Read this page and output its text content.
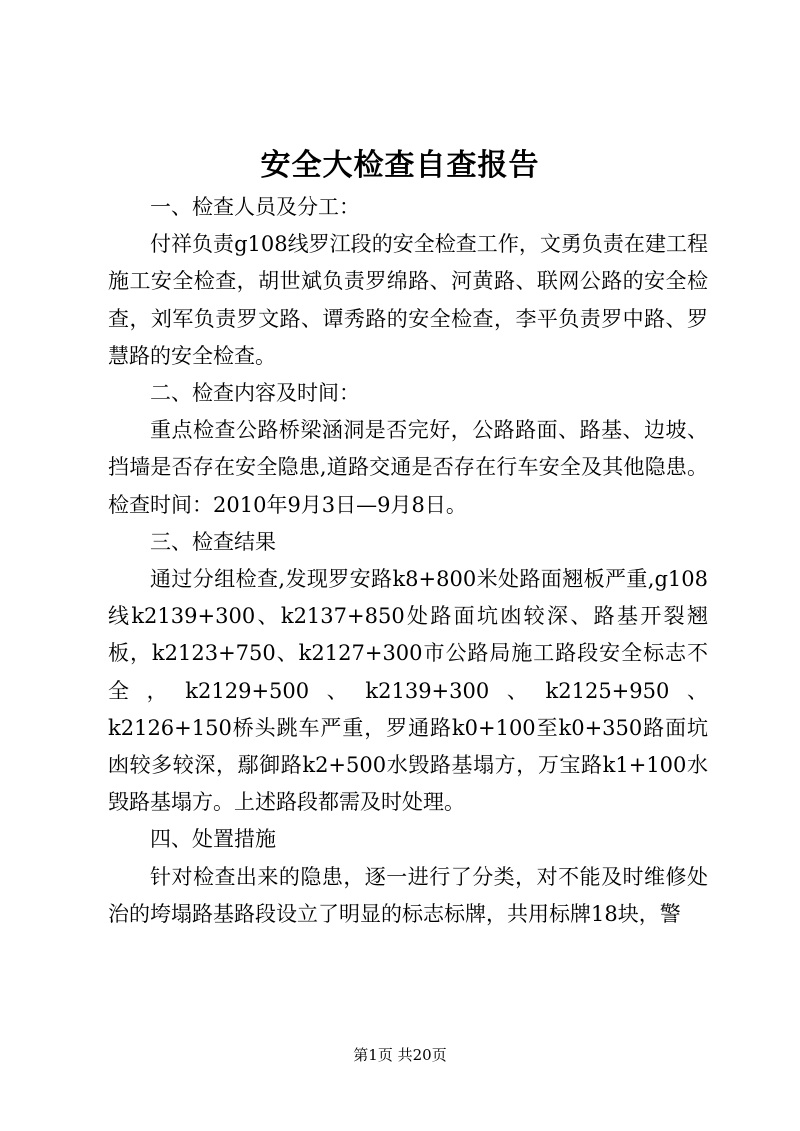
安全大检查自查报告

一、检查人员及分工：

付祥负责g108线罗江段的安全检查工作，文勇负责在建工程施工安全检查，胡世斌负责罗绵路、河黄路、联网公路的安全检查，刘军负责罗文路、谭秀路的安全检查，李平负责罗中路、罗慧路的安全检查。

二、检查内容及时间：

重点检查公路桥梁涵洞是否完好，公路路面、路基、边坡、挡墙是否存在安全隐患,道路交通是否存在行车安全及其他隐患。检查时间：2010年9月3日—9月8日。

三、检查结果

通过分组检查,发现罗安路k8+800米处路面翘板严重,g108线k2139+300、k2137+850处路面坑凼较深、路基开裂翘板，k2123+750、k2127+300市公路局施工路段安全标志不全，k2129+500、k2139+300、k2125+950、k2126+150桥头跳车严重，罗通路k0+100至k0+350路面坑凼较多较深，鄢御路k2+500水毁路基塌方，万宝路k1+100水毁路基塌方。上述路段都需及时处理。

四、处置措施

针对检查出来的隐患，逐一进行了分类，对不能及时维修处治的垮塌路基路段设立了明显的标志标牌，共用标牌18块，警

第1页 共20页
